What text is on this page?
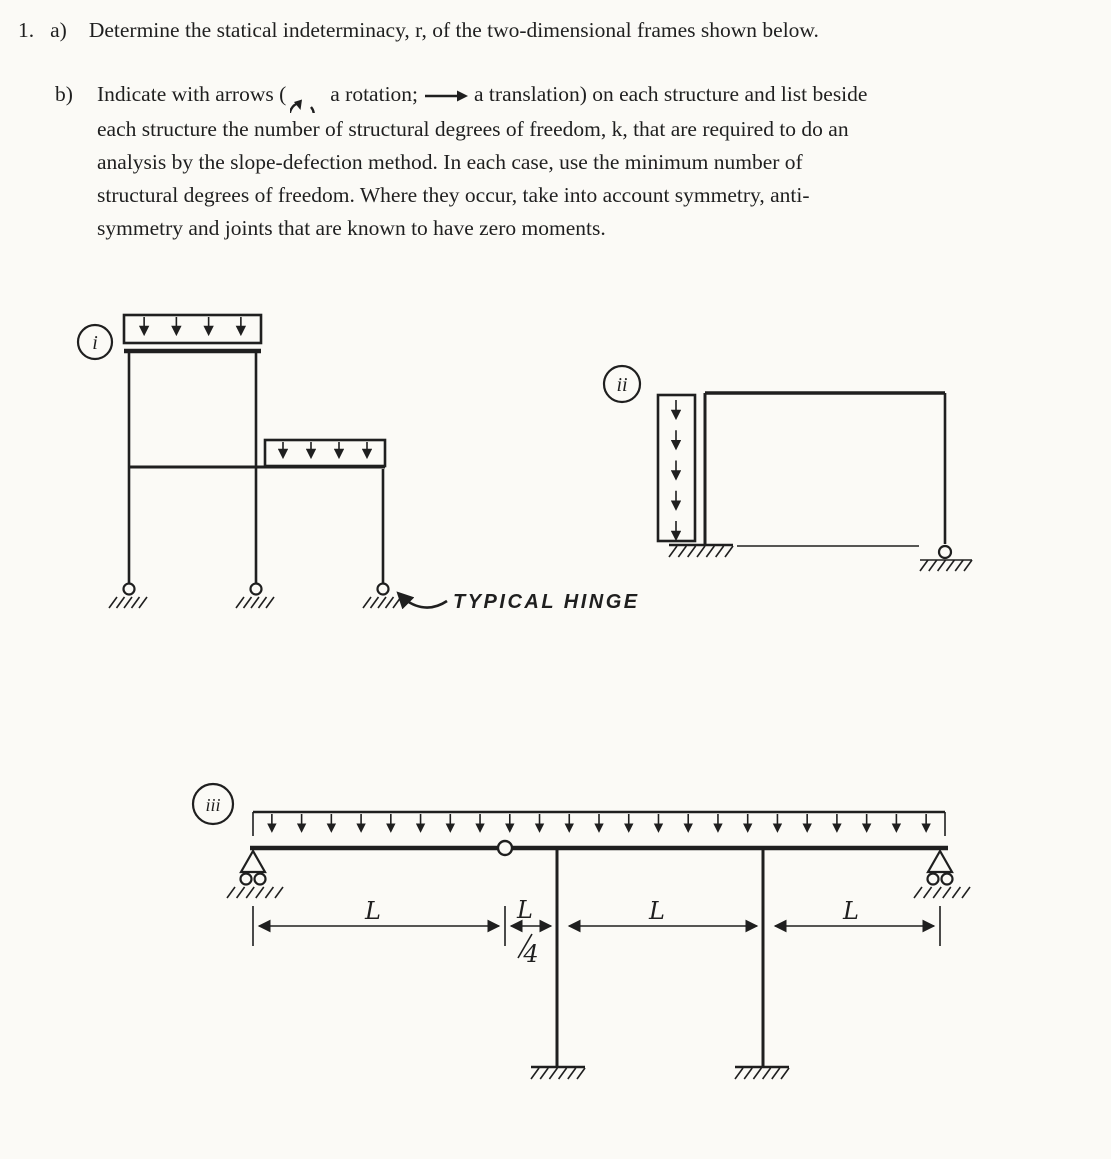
1. a) Determine the statical indeterminacy, r, of the two-dimensional frames shown below.
b)	Indicate with arrows ( a rotation;	a translation) on each structure and list beside
each structure the number of structural degrees of freedom, k, that are required to do an
analysis by the slope-defection method. In each case, use the minimum number of
structural degrees of freedom. Where they occur, take into account symmetry, anti-
symmetry and joints that are known to have zero moments.
i
TYPICAL HINGE
ii
iii
L	L
4
L	L
